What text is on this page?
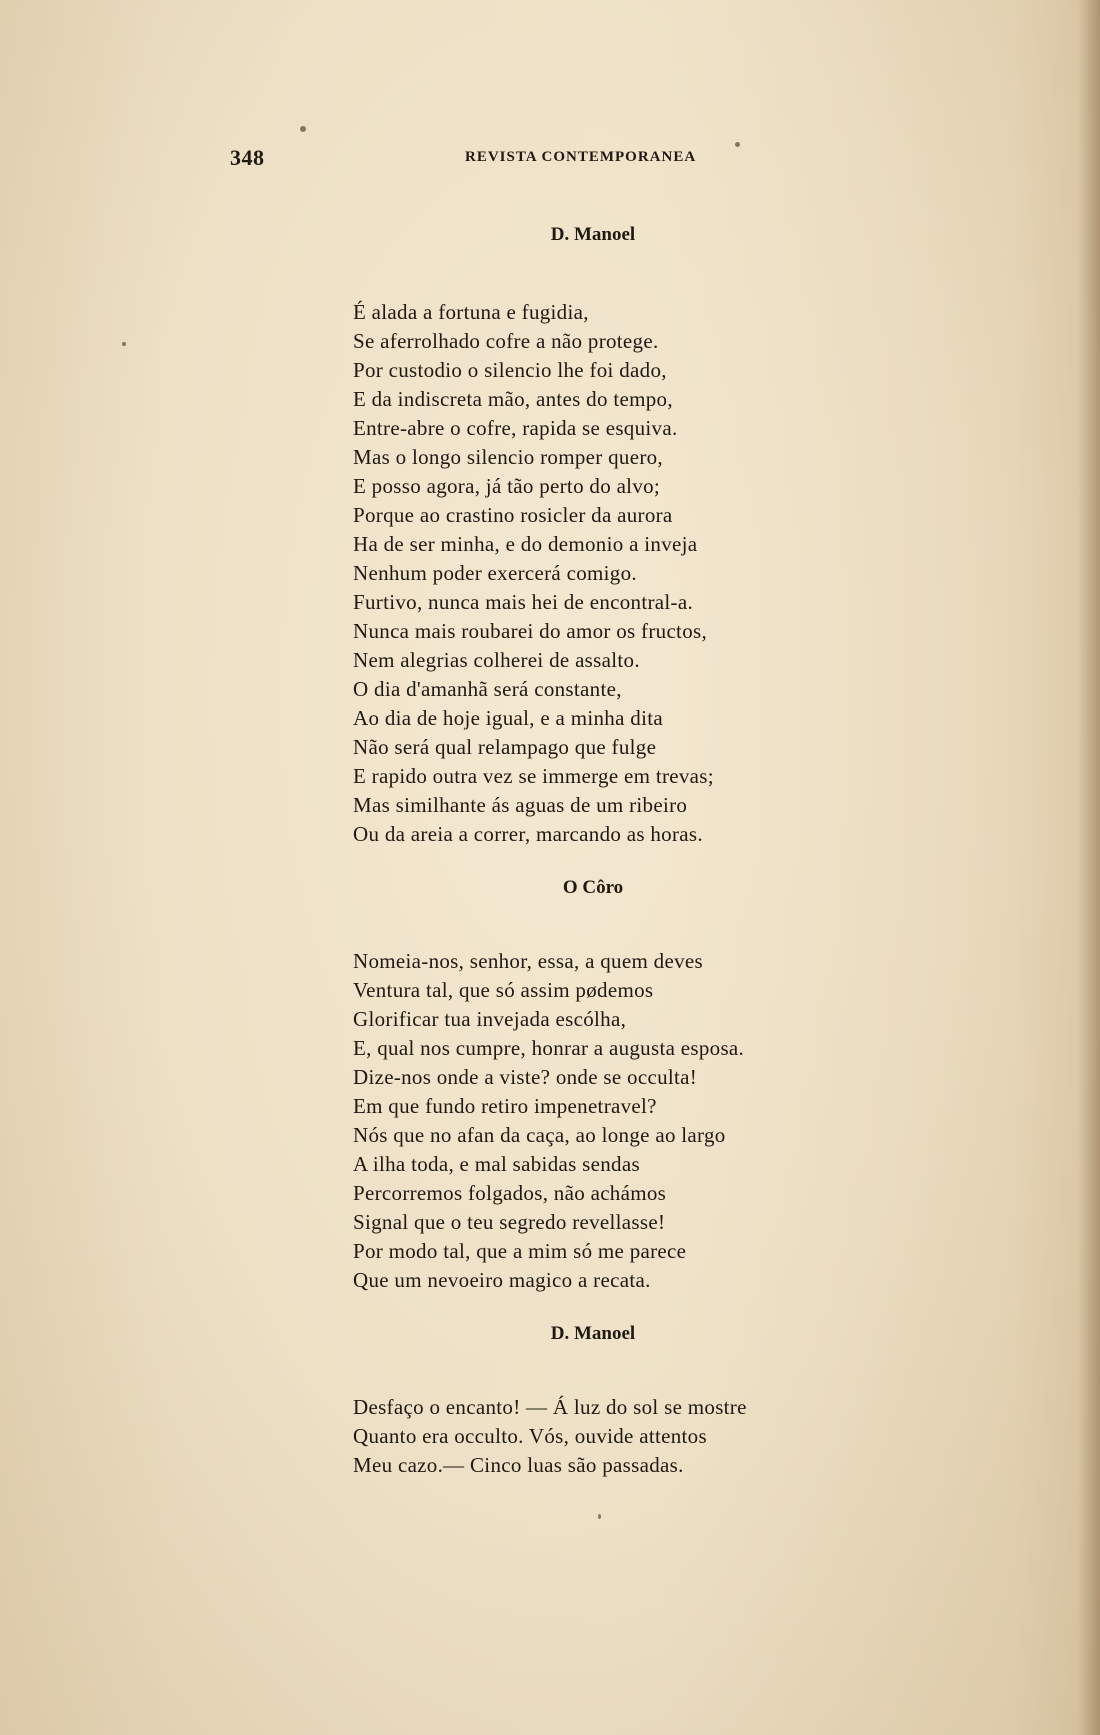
348	REVISTA CONTEMPORANEA
D. Manoel
É alada a fortuna e fugidia,
Se aferrolhado cofre a não protege.
Por custodio o silencio lhe foi dado,
E da indiscreta mão, antes do tempo,
Entre-abre o cofre, rapida se esquiva.
Mas o longo silencio romper quero,
E posso agora, já tão perto do alvo;
Porque ao crastino rosicler da aurora
Ha de ser minha, e do demonio a inveja
Nenhum poder exercerá comigo.
Furtivo, nunca mais hei de encontral-a.
Nunca mais roubarei do amor os fructos,
Nem alegrias colherei de assalto.
O dia d'amanhã será constante,
Ao dia de hoje igual, e a minha dita
Não será qual relampago que fulge
E rapido outra vez se immerge em trevas;
Mas similhante ás aguas de um ribeiro
Ou da areia a correr, marcando as horas.
O Côro
Nomeia-nos, senhor, essa, a quem deves
Ventura tal, que só assim pødemos
Glorificar tua invejada escólha,
E, qual nos cumpre, honrar a augusta esposa.
Dize-nos onde a viste? onde se occulta!
Em que fundo retiro impenetravel?
Nós que no afan da caça, ao longe ao largo
A ilha toda, e mal sabidas sendas
Percorremos folgados, não achámos
Signal que o teu segredo revellasse!
Por modo tal, que a mim só me parece
Que um nevoeiro magico a recata.
D. Manoel
Desfaço o encanto! — Á luz do sol se mostre
Quanto era occulto. Vós, ouvide attentos
Meu cazo.— Cinco luas são passadas.
